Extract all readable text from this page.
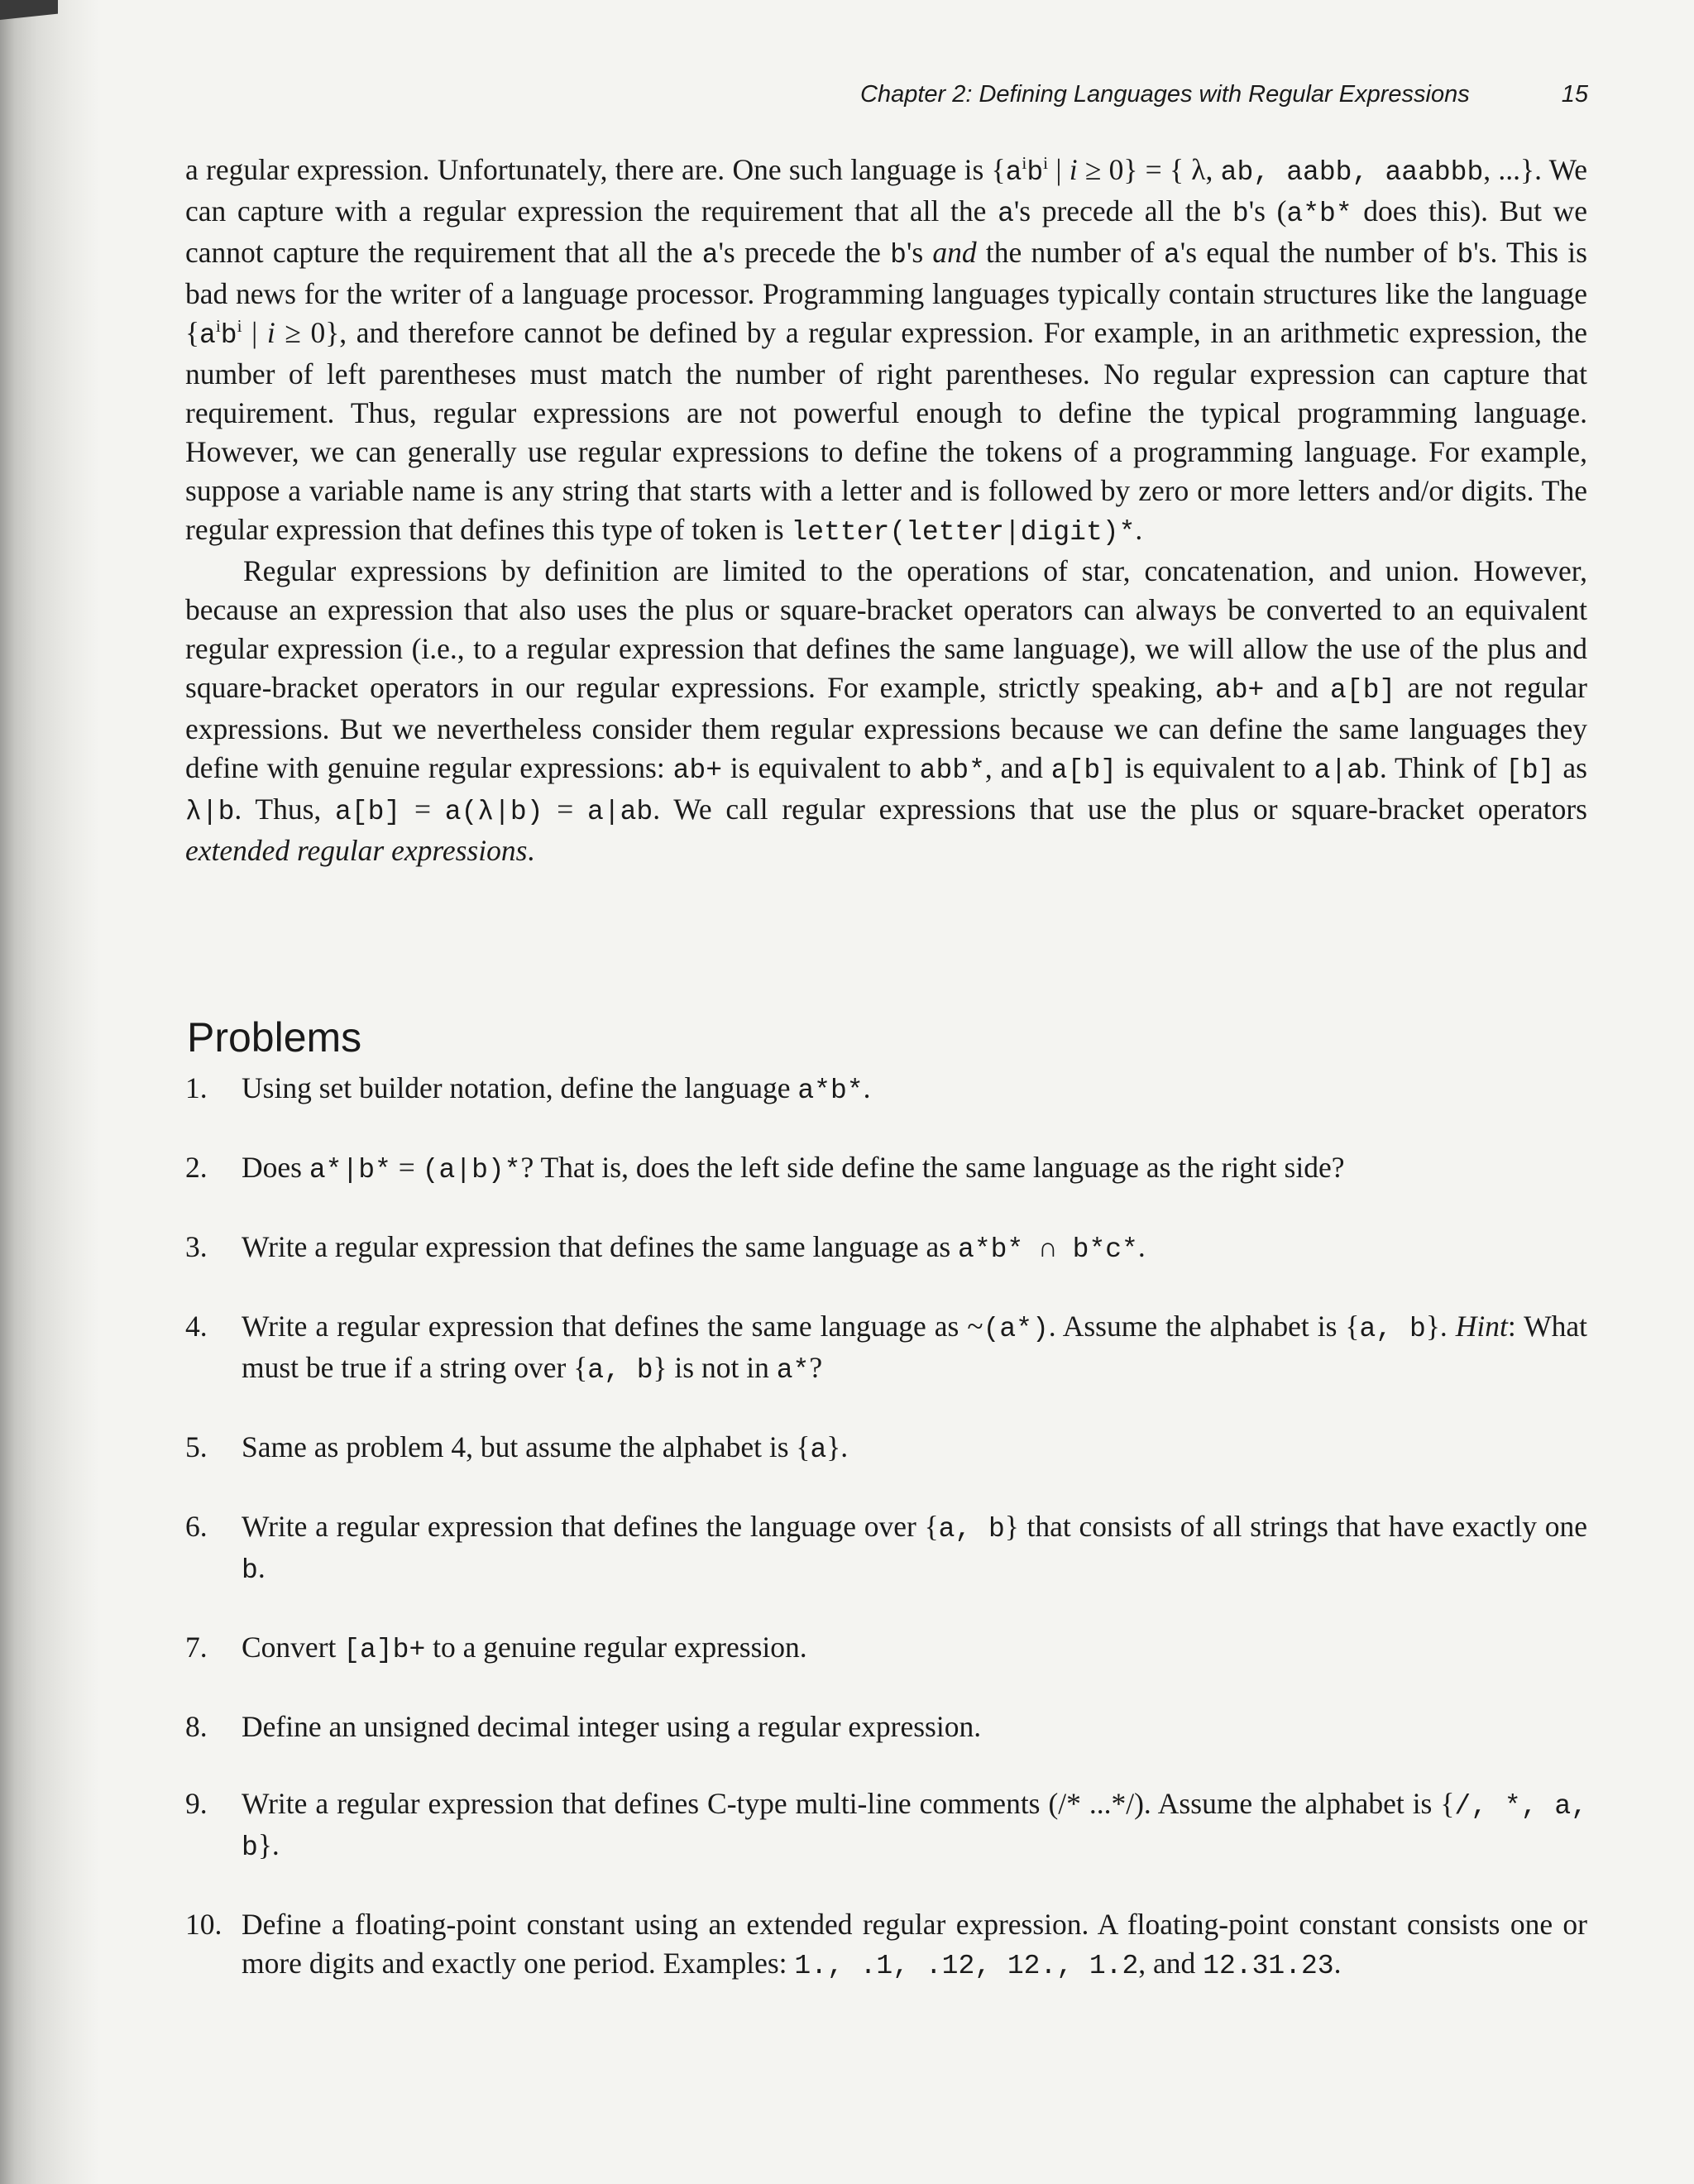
Chapter 2: Defining Languages with Regular Expressions	15

a regular expression. Unfortunately, there are. One such language is {$a^ib^i$ | i ≥ 0} = { λ, ab, aabb, aaabbb, ...}. We can capture with a regular expression the requirement that all the a's precede all the b's (a*b* does this). But we cannot capture the requirement that all the a's precede the b's and the number of a's equal the number of b's. This is bad news for the writer of a language processor. Programming languages typically contain structures like the language {$a^ib^i$ | i ≥ 0}, and therefore cannot be defined by a regular expression. For example, in an arithmetic expression, the number of left parentheses must match the number of right parentheses. No regular expression can capture that requirement. Thus, regular expressions are not powerful enough to define the typical programming language. However, we can generally use regular expressions to define the tokens of a programming language. For example, suppose a variable name is any string that starts with a letter and is followed by zero or more letters and/or digits. The regular expression that defines this type of token is letter(letter|digit)*.

Regular expressions by definition are limited to the operations of star, concatenation, and union. However, because an expression that also uses the plus or square-bracket operators can always be converted to an equivalent regular expression (i.e., to a regular expression that defines the same language), we will allow the use of the plus and square-bracket operators in our regular expressions. For example, strictly speaking, ab+ and a[b] are not regular expressions. But we nevertheless consider them regular expressions because we can define the same languages they define with genuine regular expressions: ab+ is equivalent to abb*, and a[b] is equivalent to a|ab. Think of [b] as λ|b. Thus, a[b] = a(λ|b) = a|ab. We call regular expressions that use the plus or square-bracket operators extended regular expressions.

Problems
1. Using set builder notation, define the language a*b*.
2. Does a*|b* = (a|b)*? That is, does the left side define the same language as the right side?
3. Write a regular expression that defines the same language as a*b* ∩ b*c*.
4. Write a regular expression that defines the same language as ~(a*). Assume the alphabet is {a, b}. Hint: What must be true if a string over {a, b} is not in a*?
5. Same as problem 4, but assume the alphabet is {a}.
6. Write a regular expression that defines the language over {a, b} that consists of all strings that have exactly one b.
7. Convert [a]b+ to a genuine regular expression.
8. Define an unsigned decimal integer using a regular expression.
9. Write a regular expression that defines C-type multi-line comments (/* ...*/). Assume the alphabet is {/, *, a, b}.
10. Define a floating-point constant using an extended regular expression. A floating-point constant consists one or more digits and exactly one period. Examples: 1., .1, .12, 12., 1.2, and 12.31.23.
